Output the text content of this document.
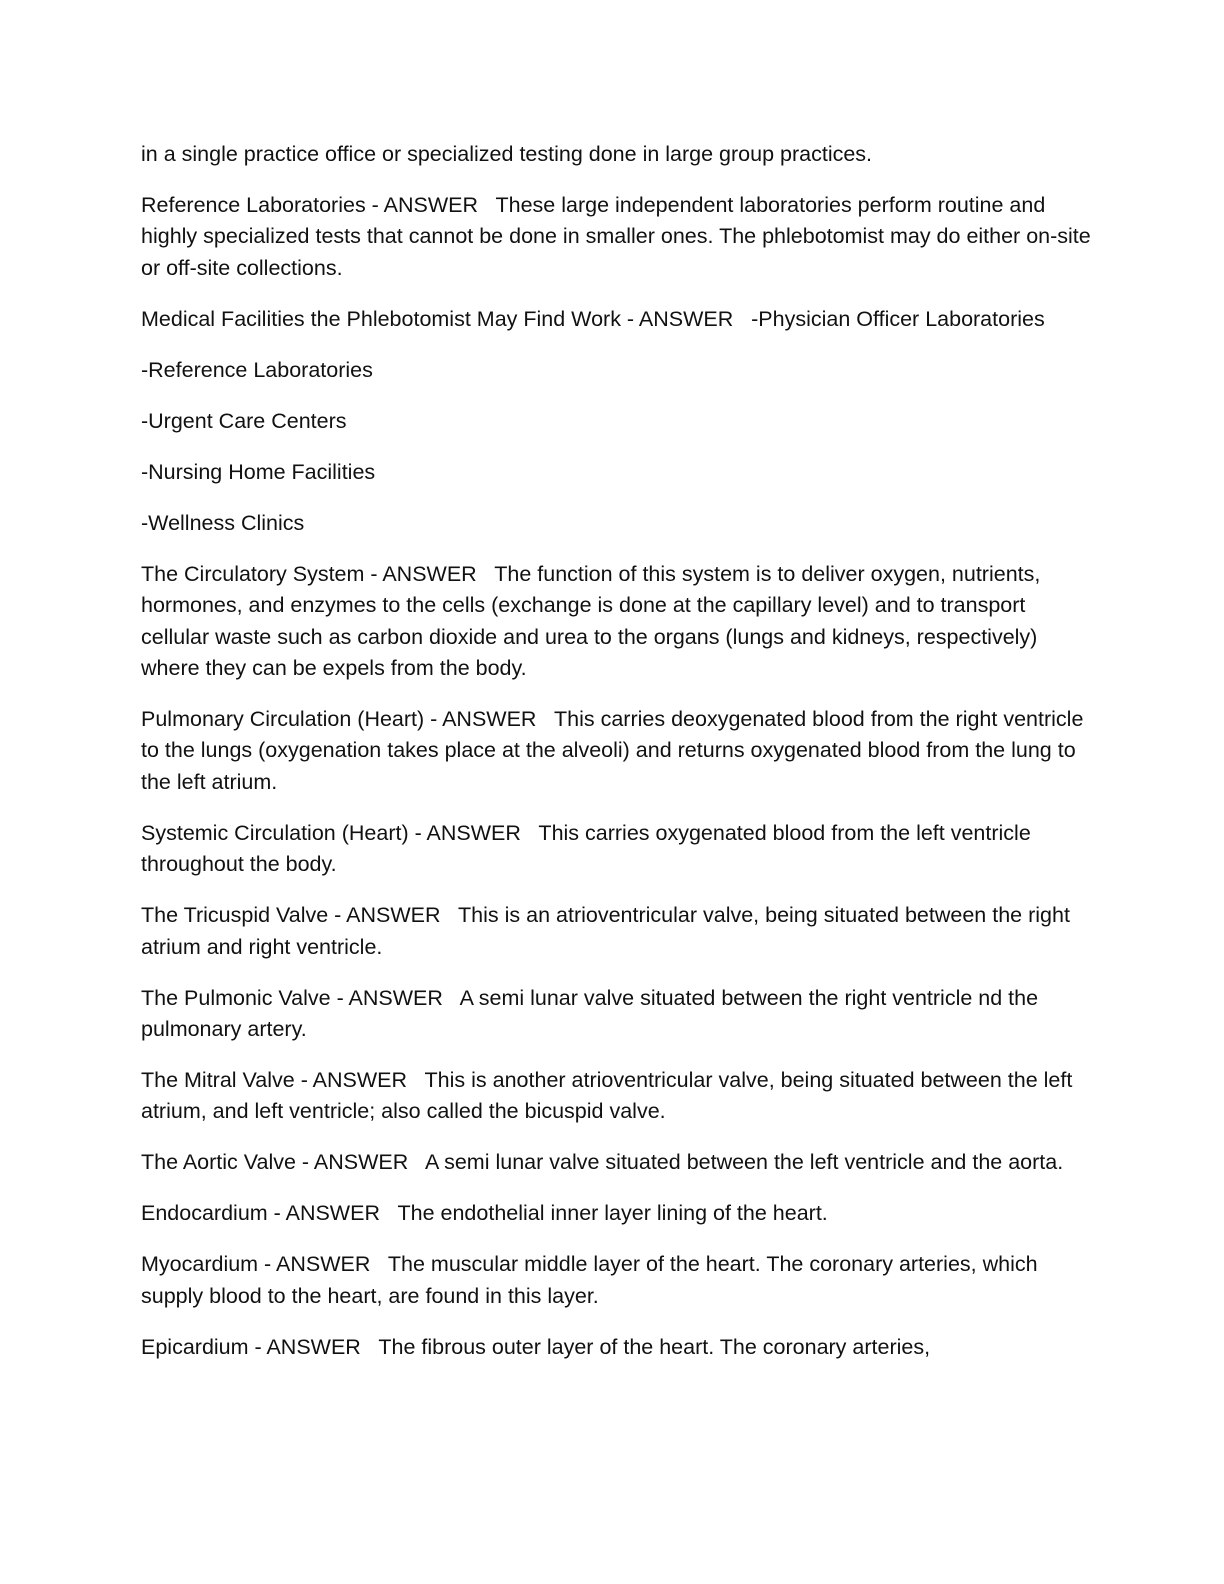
in a single practice office or specialized testing done in large group practices.

Reference Laboratories - ANSWER   These large independent laboratories perform routine and highly specialized tests that cannot be done in smaller ones. The phlebotomist may do either on-site or off-site collections.

Medical Facilities the Phlebotomist May Find Work - ANSWER   -Physician Officer Laboratories

-Reference Laboratories

-Urgent Care Centers

-Nursing Home Facilities

-Wellness Clinics

The Circulatory System - ANSWER   The function of this system is to deliver oxygen, nutrients, hormones, and enzymes to the cells (exchange is done at the capillary level) and to transport cellular waste such as carbon dioxide and urea to the organs (lungs and kidneys, respectively) where they can be expels from the body.

Pulmonary Circulation (Heart) - ANSWER   This carries deoxygenated blood from the right ventricle to the lungs (oxygenation takes place at the alveoli) and returns oxygenated blood from the lung to the left atrium.

Systemic Circulation (Heart) - ANSWER   This carries oxygenated blood from the left ventricle throughout the body.

The Tricuspid Valve - ANSWER   This is an atrioventricular valve, being situated between the right atrium and right ventricle.

The Pulmonic Valve - ANSWER   A semi lunar valve situated between the right ventricle nd the pulmonary artery.

The Mitral Valve - ANSWER   This is another atrioventricular valve, being situated between the left atrium, and left ventricle; also called the bicuspid valve.

The Aortic Valve - ANSWER   A semi lunar valve situated between the left ventricle and the aorta.

Endocardium - ANSWER   The endothelial inner layer lining of the heart.

Myocardium - ANSWER   The muscular middle layer of the heart. The coronary arteries, which supply blood to the heart, are found in this layer.

Epicardium - ANSWER   The fibrous outer layer of the heart. The coronary arteries,
